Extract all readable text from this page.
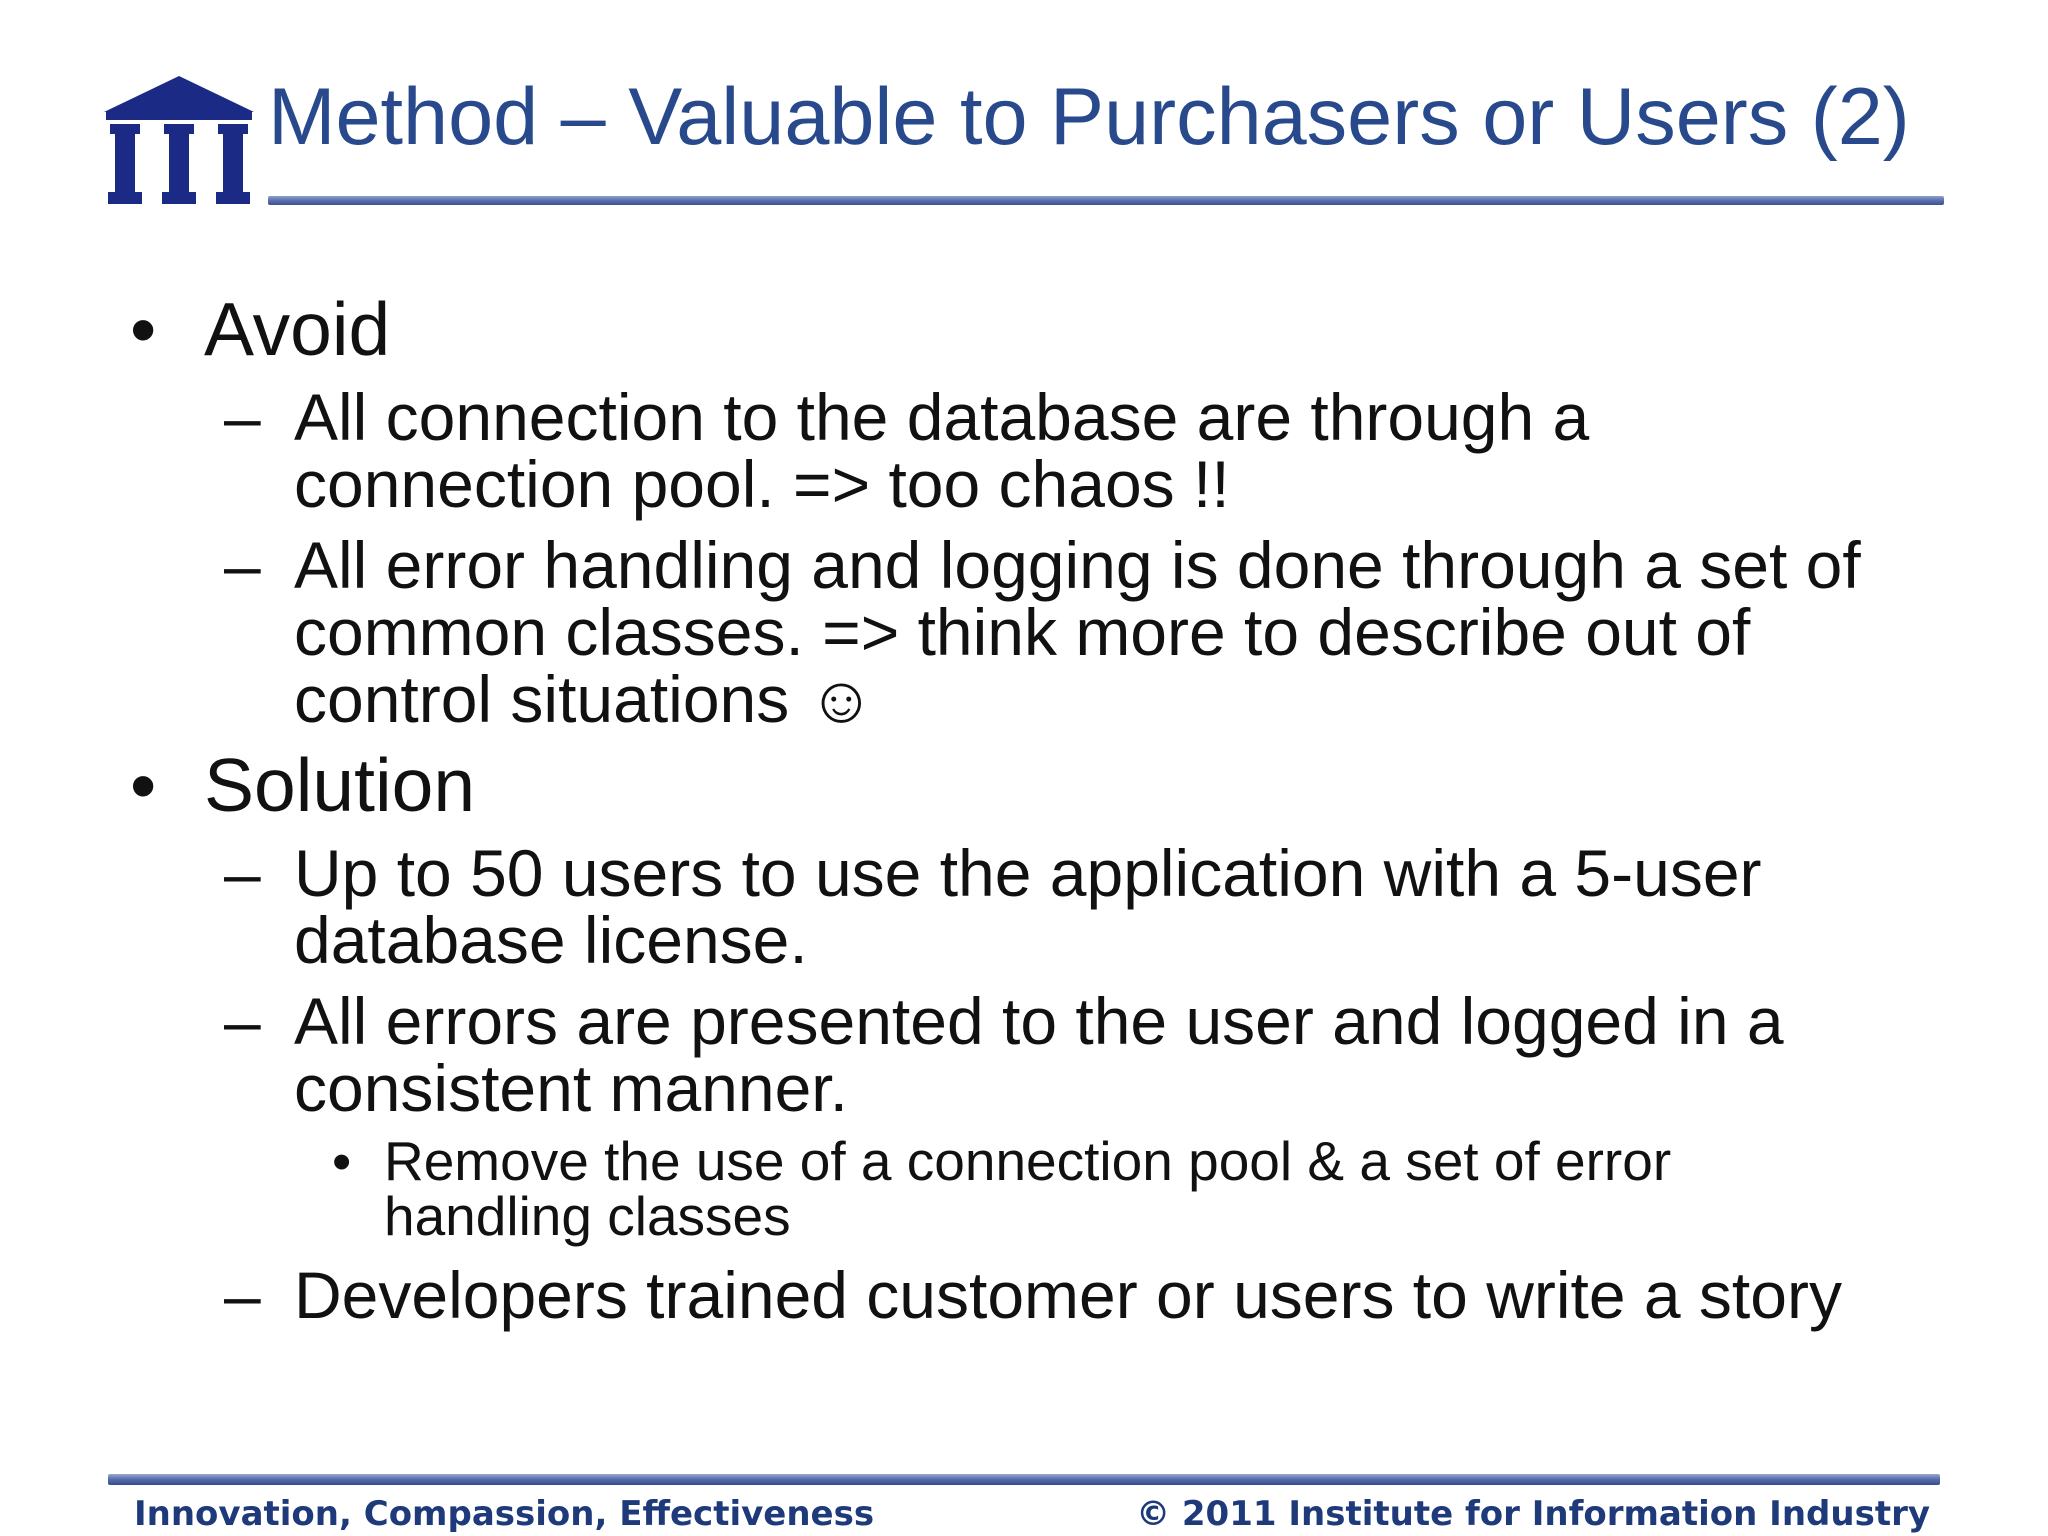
Method – Valuable to Purchasers or Users (2)
• Avoid
– All connection to the database are through a
connection pool. => too chaos !!
– All error handling and logging is done through a set of
common classes. => think more to describe out of
control situations ☺
• Solution
– Up to 50 users to use the application with a 5-user
database license.
– All errors are presented to the user and logged in a
consistent manner.
• Remove the use of a connection pool & a set of error
handling classes
– Developers trained customer or users to write a story
Innovation, Compassion, Effectiveness	© 2011 Institute for Information Industry
